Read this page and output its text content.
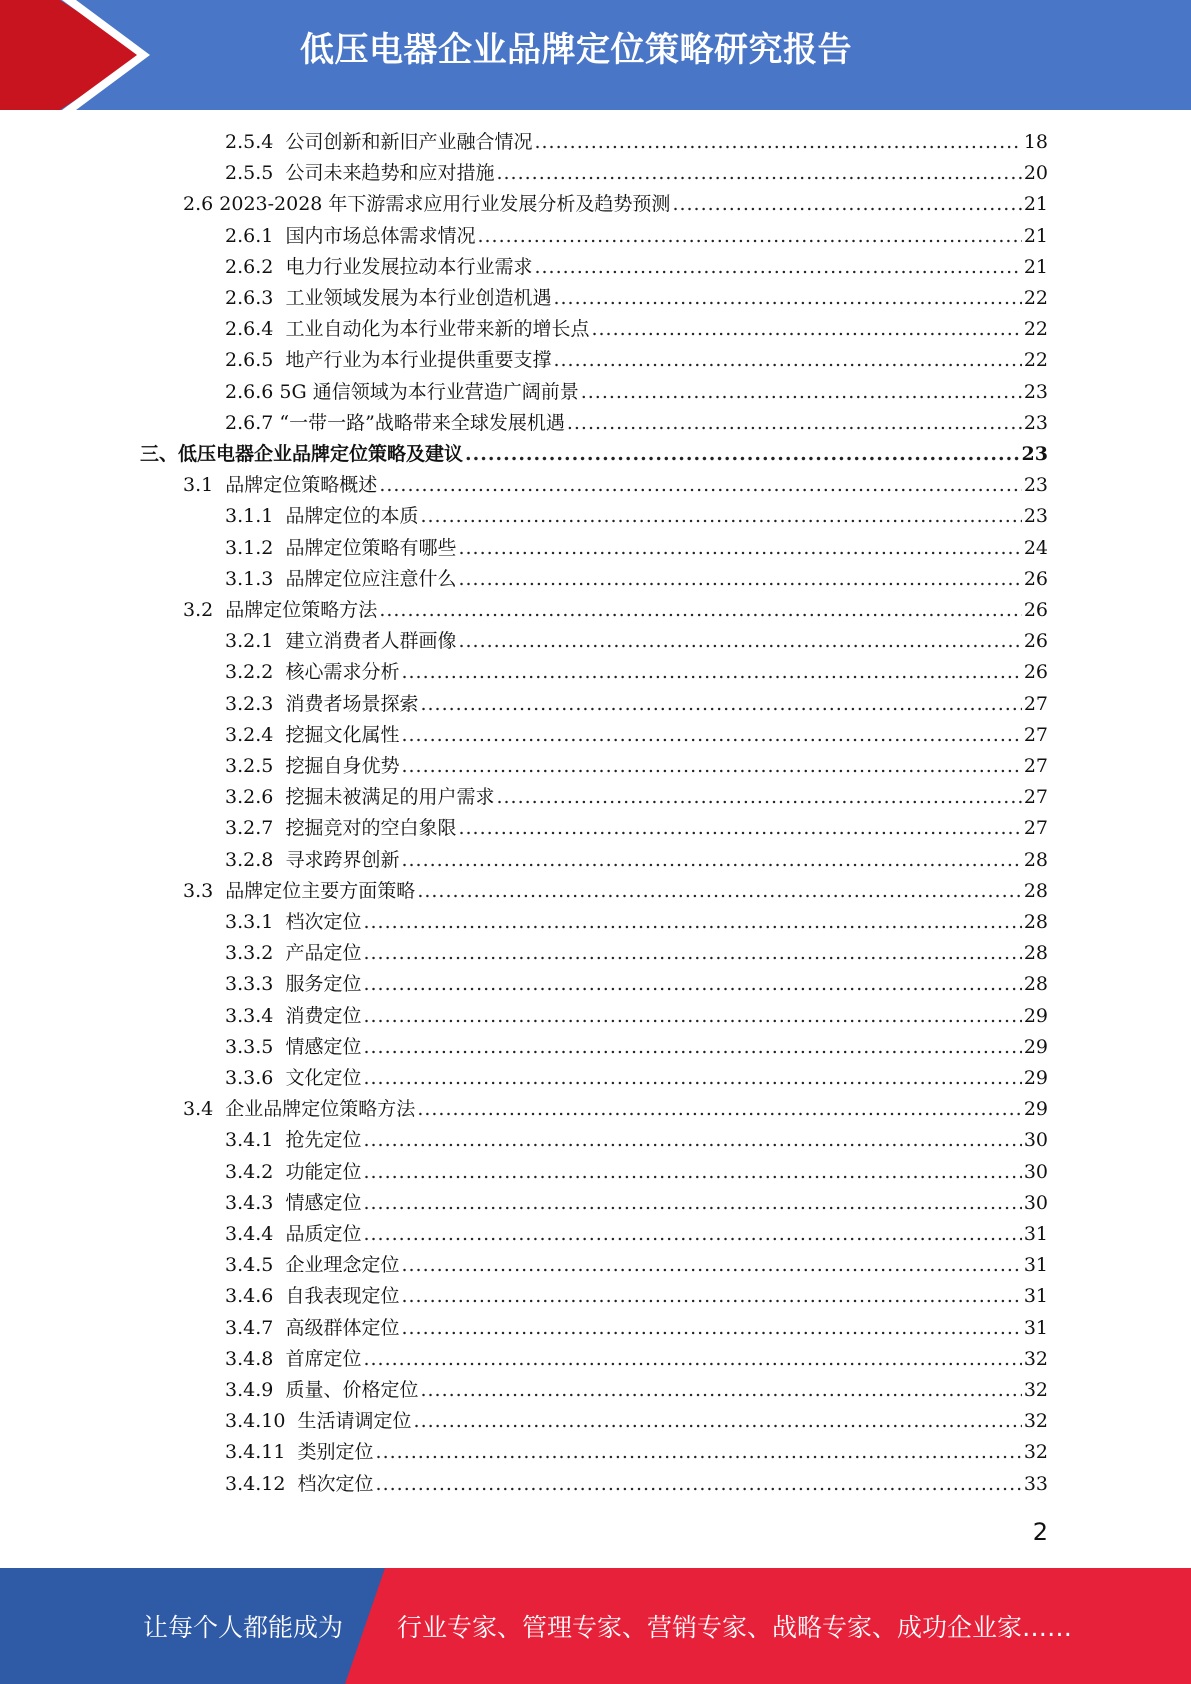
低压电器企业品牌定位策略研究报告
2.5.4 公司创新和新旧产业融合情况 .....	18
2.5.5 公司未来趋势和应对措施 .....	20
2.6 2023-2028 年下游需求应用行业发展分析及趋势预测 .....	21
2.6.1 国内市场总体需求情况 .....	21
2.6.2 电力行业发展拉动本行业需求 .....	21
2.6.3 工业领域发展为本行业创造机遇 .....	22
2.6.4 工业自动化为本行业带来新的增长点 .....	22
2.6.5 地产行业为本行业提供重要支撑 .....	22
2.6.6 5G 通信领域为本行业营造广阔前景 .....	23
2.6.7 “一带一路”战略带来全球发展机遇 .....	23
三、低压电器企业品牌定位策略及建议 .....	23
3.1 品牌定位策略概述 .....	23
3.1.1 品牌定位的本质 .....	23
3.1.2 品牌定位策略有哪些 .....	24
3.1.3 品牌定位应注意什么 .....	26
3.2 品牌定位策略方法 .....	26
3.2.1 建立消费者人群画像 .....	26
3.2.2 核心需求分析 .....	26
3.2.3 消费者场景探索 .....	27
3.2.4 挖掘文化属性 .....	27
3.2.5 挖掘自身优势 .....	27
3.2.6 挖掘未被满足的用户需求 .....	27
3.2.7 挖掘竞对的空白象限 .....	27
3.2.8 寻求跨界创新 .....	28
3.3 品牌定位主要方面策略 .....	28
3.3.1 档次定位 .....	28
3.3.2 产品定位 .....	28
3.3.3 服务定位 .....	28
3.3.4 消费定位 .....	29
3.3.5 情感定位 .....	29
3.3.6 文化定位 .....	29
3.4 企业品牌定位策略方法 .....	29
3.4.1 抢先定位 .....	30
3.4.2 功能定位 .....	30
3.4.3 情感定位 .....	30
3.4.4 品质定位 .....	31
3.4.5 企业理念定位 .....	31
3.4.6 自我表现定位 .....	31
3.4.7 高级群体定位 .....	31
3.4.8 首席定位 .....	32
3.4.9 质量、价格定位 .....	32
3.4.10 生活请调定位 .....	32
3.4.11 类别定位 .....	32
3.4.12 档次定位 .....	33
2
让每个人都能成为 行业专家、管理专家、营销专家、战略专家、成功企业家……
